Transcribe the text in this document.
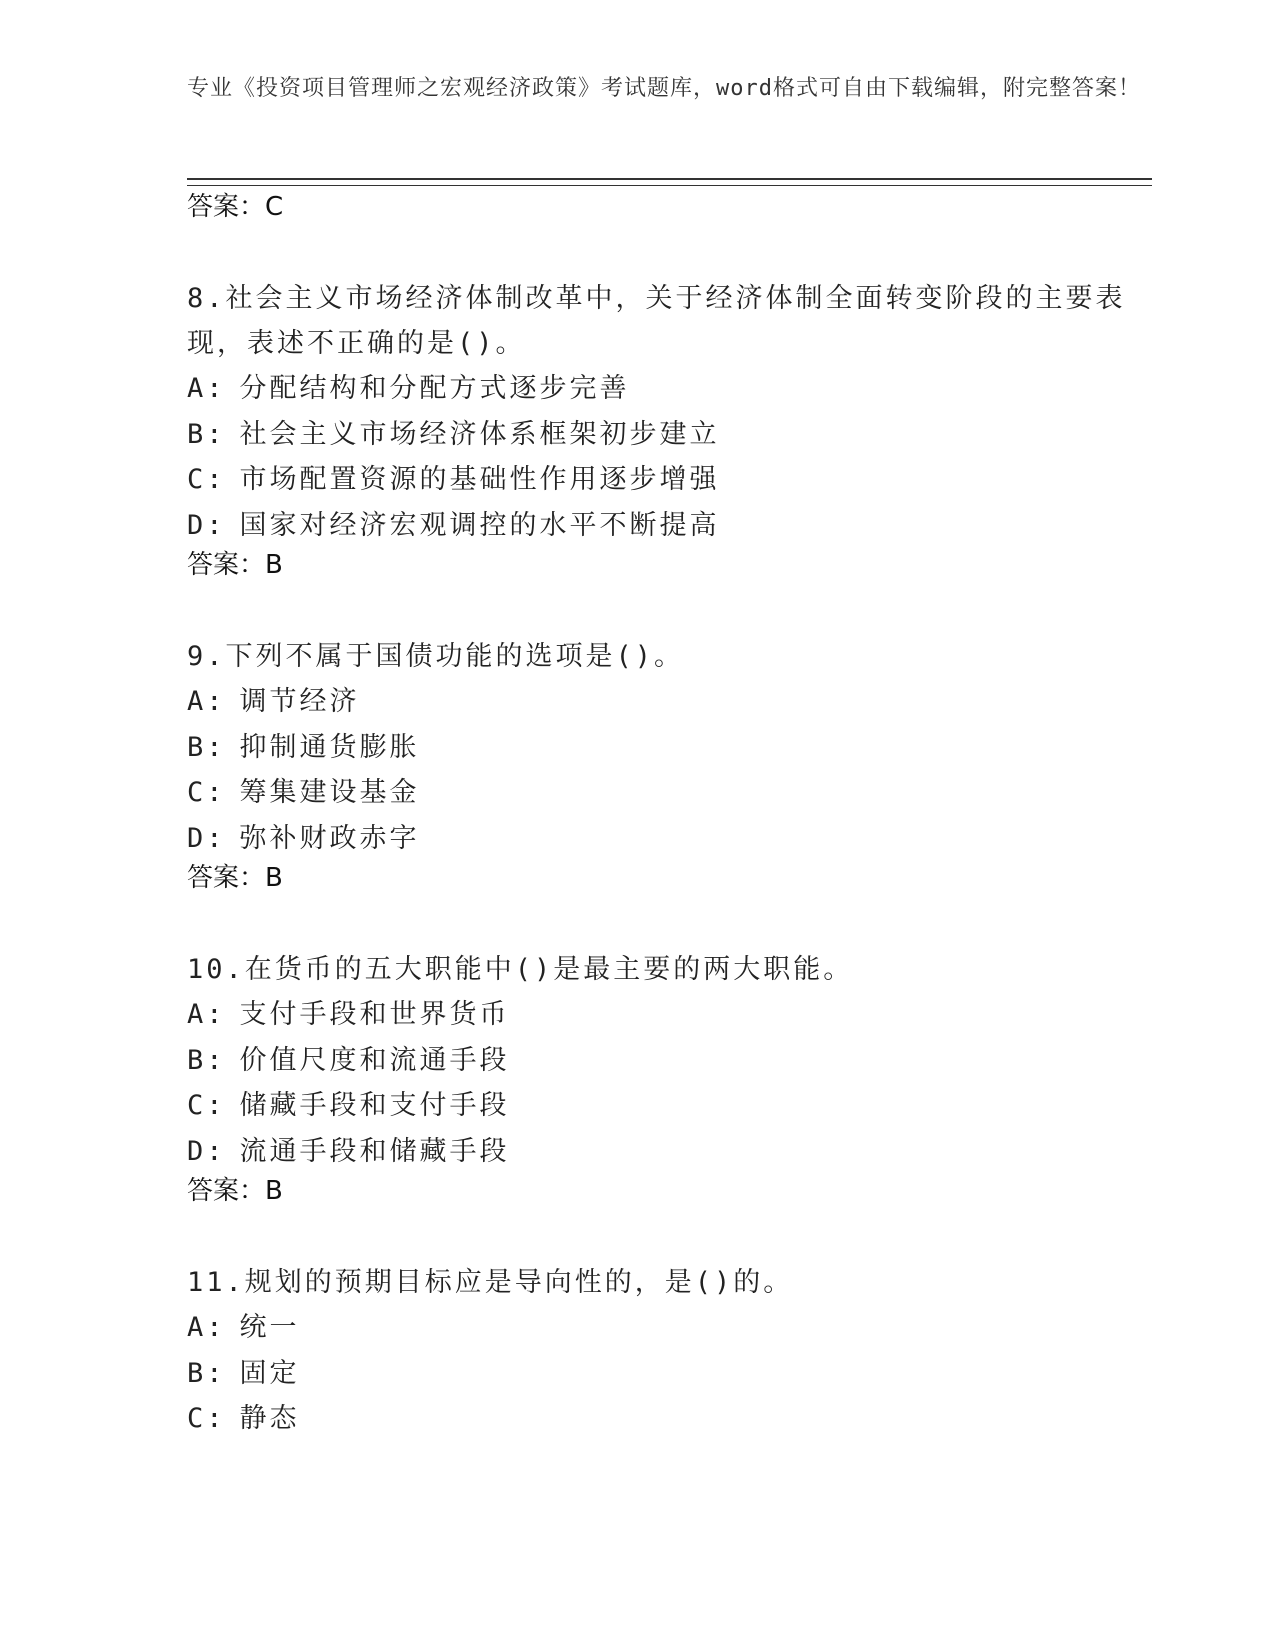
专业《投资项目管理师之宏观经济政策》考试题库，word格式可自由下载编辑，附完整答案！

答案：C

8.社会主义市场经济体制改革中，关于经济体制全面转变阶段的主要表现，表述不正确的是()。

A: 分配结构和分配方式逐步完善

B: 社会主义市场经济体系框架初步建立

C: 市场配置资源的基础性作用逐步增强

D: 国家对经济宏观调控的水平不断提高

答案：B

9.下列不属于国债功能的选项是()。

A: 调节经济

B: 抑制通货膨胀

C: 筹集建设基金

D: 弥补财政赤字

答案：B

10.在货币的五大职能中()是最主要的两大职能。

A: 支付手段和世界货币

B: 价值尺度和流通手段

C: 储藏手段和支付手段

D: 流通手段和储藏手段

答案：B

11.规划的预期目标应是导向性的，是()的。

A: 统一

B: 固定

C: 静态
